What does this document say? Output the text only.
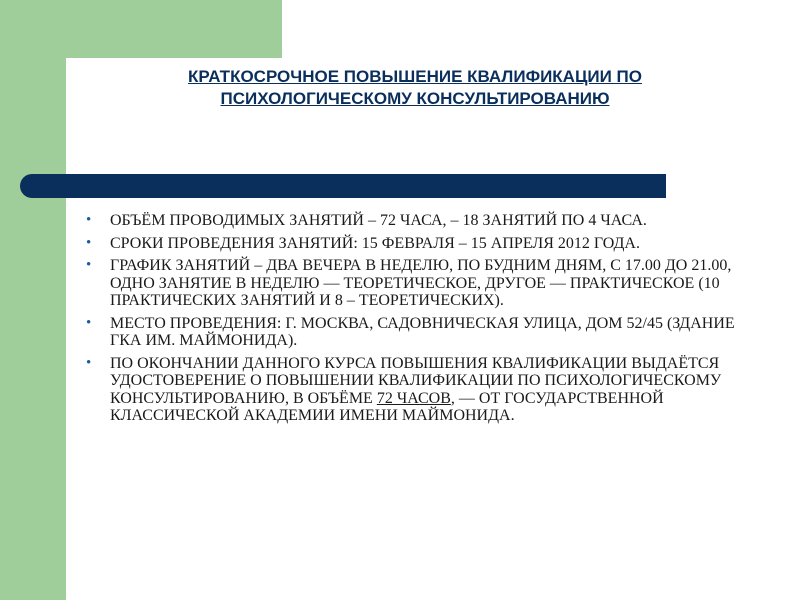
КРАТКОСРОЧНОЕ ПОВЫШЕНИЕ КВАЛИФИКАЦИИ ПО
ПСИХОЛОГИЧЕСКОМУ КОНСУЛЬТИРОВАНИЮ
• ОБЪЁМ ПРОВОДИМЫХ ЗАНЯТИЙ – 72 ЧАСА, – 18 ЗАНЯТИЙ ПО 4 ЧАСА.
• СРОКИ ПРОВЕДЕНИЯ ЗАНЯТИЙ: 15 ФЕВРАЛЯ – 15 АПРЕЛЯ 2012 ГОДА.
• ГРАФИК ЗАНЯТИЙ – ДВА ВЕЧЕРА В НЕДЕЛЮ, ПО БУДНИМ ДНЯМ, С 17.00 ДО 21.00, ОДНО ЗАНЯТИЕ В НЕДЕЛЮ — ТЕОРЕТИЧЕСКОЕ, ДРУГОЕ — ПРАКТИЧЕСКОЕ (10 ПРАКТИЧЕСКИХ ЗАНЯТИЙ И 8 – ТЕОРЕТИЧЕСКИХ).
• МЕСТО ПРОВЕДЕНИЯ: Г. МОСКВА, САДОВНИЧЕСКАЯ УЛИЦА, ДОМ 52/45 (ЗДАНИЕ ГКА ИМ. МАЙМОНИДА).
• ПО ОКОНЧАНИИ ДАННОГО КУРСА ПОВЫШЕНИЯ КВАЛИФИКАЦИИ ВЫДАЁТСЯ УДОСТОВЕРЕНИЕ О ПОВЫШЕНИИ КВАЛИФИКАЦИИ ПО ПСИХОЛОГИЧЕСКОМУ КОНСУЛЬТИРОВАНИЮ, В ОБЪЁМЕ 72 ЧАСОВ, — ОТ ГОСУДАРСТВЕННОЙ КЛАССИЧЕСКОЙ АКАДЕМИИ ИМЕНИ МАЙМОНИДА.
